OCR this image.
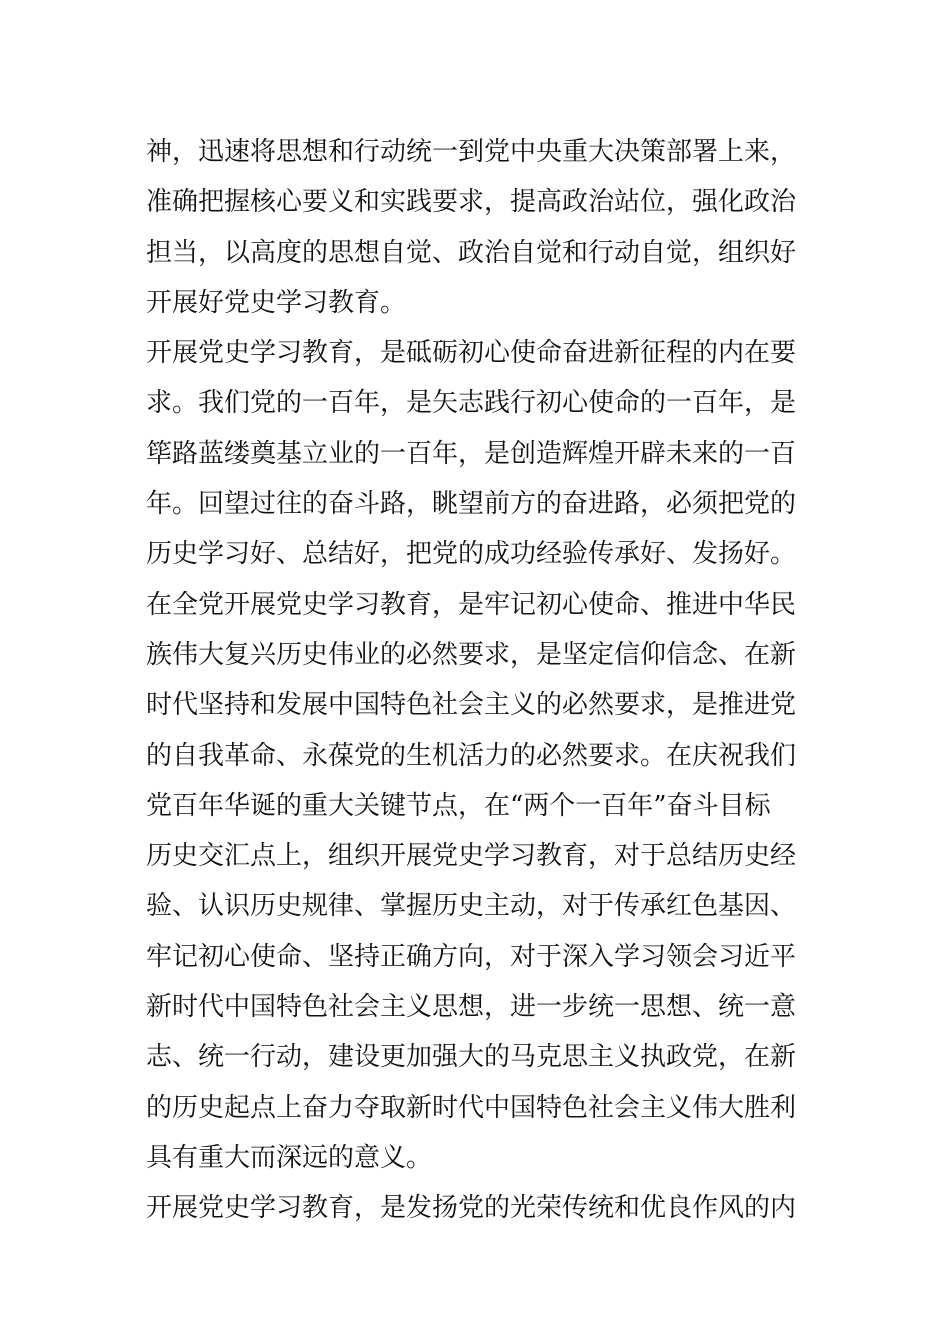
神，迅速将思想和行动统一到党中央重大决策部署上来，
准确把握核心要义和实践要求，提高政治站位，强化政治
担当，以高度的思想自觉、政治自觉和行动自觉，组织好
开展好党史学习教育。
开展党史学习教育，是砥砺初心使命奋进新征程的内在要
求。我们党的一百年，是矢志践行初心使命的一百年，是
筚路蓝缕奠基立业的一百年，是创造辉煌开辟未来的一百
年。回望过往的奋斗路，眺望前方的奋进路，必须把党的
历史学习好、总结好，把党的成功经验传承好、发扬好。
在全党开展党史学习教育，是牢记初心使命、推进中华民
族伟大复兴历史伟业的必然要求，是坚定信仰信念、在新
时代坚持和发展中国特色社会主义的必然要求，是推进党
的自我革命、永葆党的生机活力的必然要求。在庆祝我们
党百年华诞的重大关键节点，在“两个一百年”奋斗目标
历史交汇点上，组织开展党史学习教育，对于总结历史经
验、认识历史规律、掌握历史主动，对于传承红色基因、
牢记初心使命、坚持正确方向，对于深入学习领会习近平
新时代中国特色社会主义思想，进一步统一思想、统一意
志、统一行动，建设更加强大的马克思主义执政党，在新
的历史起点上奋力夺取新时代中国特色社会主义伟大胜利
具有重大而深远的意义。
开展党史学习教育，是发扬党的光荣传统和优良作风的内
